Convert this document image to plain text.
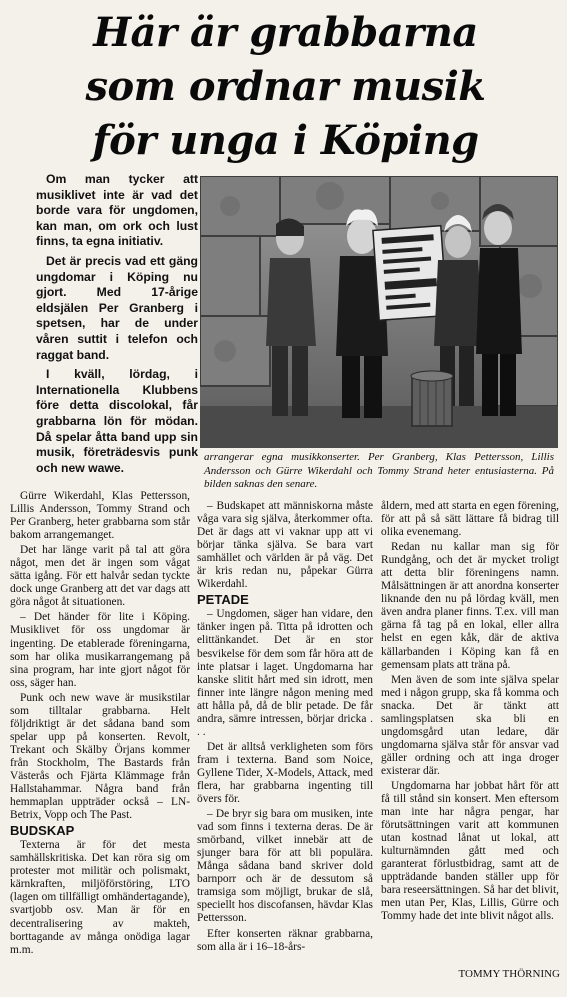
Här är grabbarna
som ordnar musik
för unga i Köping

Om man tycker att musiklivet inte är vad det borde vara för ungdomen, kan man, om ork och lust finns, ta egna initiativ.

Det är precis vad ett gäng ungdomar i Köping nu gjort. Med 17-årige eldsjälen Per Granberg i spetsen, har de under våren suttit i telefon och raggat band.

I kväll, lördag, i Internationella Klubbens före detta discolokal, får grabbarna lön för mödan. Då spelar åtta band upp sin musik, företrädesvis punk och new wawe.

arrangerar egna musikkonserter. Per Granberg, Klas Pettersson, Lillis Andersson och Gürre Wikerdahl och Tommy Strand heter entusiasterna. På bilden saknas den senare.

Gürre Wikerdahl, Klas Pettersson, Lillis Andersson, Tommy Strand och Per Granberg, heter grabbarna som står bakom arrangemanget.

Det har länge varit på tal att göra något, men det är ingen som vågat sätta igång. För ett halvår sedan tyckte dock unge Granberg att det var dags att göra något åt situationen.

– Det händer för lite i Köping. Musiklivet för oss ungdomar är ingenting. De etablerade föreningarna, som har olika musikarrangemang på sina program, har inte gjort något för oss, säger han.

Punk och new wave är musikstilar som tilltalar grabbarna. Helt följdriktigt är det sådana band som spelar upp på konserten. Revolt, Trekant och Skälby Örjans kommer från Stockholm, The Bastards från Västerås och Fjärta Klämmage från Hallstahammar. Några band från hemmaplan uppträder också – LN-Betrix, Vopp och The Past.

BUDSKAP

Texterna är för det mesta samhällskritiska. Det kan röra sig om protester mot militär och polismakt, kärnkraften, miljöförstöring, LTO (lagen om tillfälligt omhändertagande), svartjobb osv. Man är för en decentralisering av makteh, borttagande av många onödiga lagar m.m.

– Budskapet att människorna måste våga vara sig själva, återkommer ofta. Det är dags att vi vaknar upp att vi börjar tänka själva. Se bara vart samhället och världen är på väg. Det är kris redan nu, påpekar Gürra Wikerdahl.

PETADE

– Ungdomen, säger han vidare, den tänker ingen på. Titta på idrotten och elittänkandet. Det är en stor besvikelse för dem som får höra att de inte platsar i laget. Ungdomarna har kanske slitit hårt med sin idrott, men finner inte längre någon mening med att hålla på, då de blir petade. De får andra, sämre intressen, börjar dricka . . .

Det är alltså verkligheten som förs fram i texterna. Band som Noice, Gyllene Tider, X-Models, Attack, med flera, har grabbarna ingenting till övers för.

– De bryr sig bara om musiken, inte vad som finns i texterna deras. De är smörband, vilket innebär att de sjunger bara för att bli populära. Många sådana band skriver dold barnporr och är de dessutom så tramsiga som möjligt, brukar de slå, speciellt hos discofansen, hävdar Klas Pettersson.

Efter konserten räknar grabbarna, som alla är i 16–18-års-

åldern, med att starta en egen förening, för att på så sätt lättare få bidrag till olika evenemang.

Redan nu kallar man sig för Rundgång, och det är mycket troligt att detta blir föreningens namn. Målsättningen är att anordna konserter liknande den nu på lördag kväll, men även andra planer finns. T.ex. vill man gärna få tag på en lokal, eller allra helst en egen kåk, där de aktiva källarbanden i Köping kan få en gemensam plats att träna på.

Men även de som inte själva spelar med i någon grupp, ska få komma och snacka. Det är tänkt att samlingsplatsen ska bli en ungdomsgård utan ledare, där ungdomarna själva står för ansvar vad gäller ordning och att inga droger existerar där.

Ungdomarna har jobbat hårt för att få till stånd sin konsert. Men eftersom man inte har några pengar, har förutsättningen varit att kommunen utan kostnad lånat ut lokal, att kulturnämnden gått med och garanterat förlustbidrag, samt att de uppträdande banden ställer upp för bara reseersättningen. Så har det blivit, men utan Per, Klas, Lillis, Gürre och Tommy hade det inte blivit något alls.

TOMMY THÖRNING
